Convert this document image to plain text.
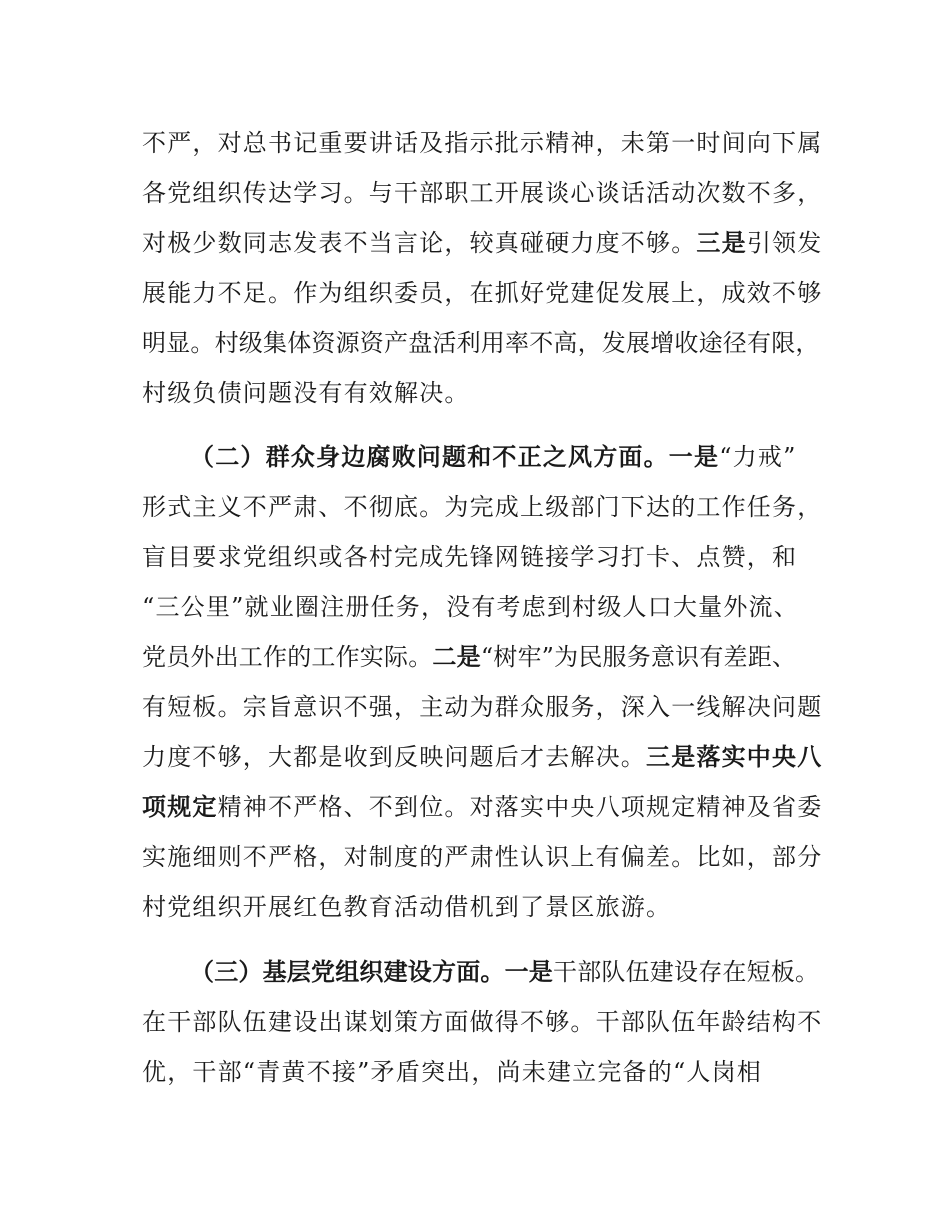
不严，对总书记重要讲话及指示批示精神，未第一时间向下属
各党组织传达学习。与干部职工开展谈心谈话活动次数不多，
对极少数同志发表不当言论，较真碰硬力度不够。三是引领发
展能力不足。作为组织委员，在抓好党建促发展上，成效不够
明显。村级集体资源资产盘活利用率不高，发展增收途径有限，
村级负债问题没有有效解决。
（二）群众身边腐败问题和不正之风方面。一是“力戒”
形式主义不严肃、不彻底。为完成上级部门下达的工作任务，
盲目要求党组织或各村完成先锋网链接学习打卡、点赞，和
“三公里”就业圈注册任务，没有考虑到村级人口大量外流、
党员外出工作的工作实际。二是“树牢”为民服务意识有差距、
有短板。宗旨意识不强，主动为群众服务，深入一线解决问题
力度不够，大都是收到反映问题后才去解决。三是落实中央八
项规定精神不严格、不到位。对落实中央八项规定精神及省委
实施细则不严格，对制度的严肃性认识上有偏差。比如，部分
村党组织开展红色教育活动借机到了景区旅游。
（三）基层党组织建设方面。一是干部队伍建设存在短板。
在干部队伍建设出谋划策方面做得不够。干部队伍年龄结构不
优，干部“青黄不接”矛盾突出，尚未建立完备的“人岗相
